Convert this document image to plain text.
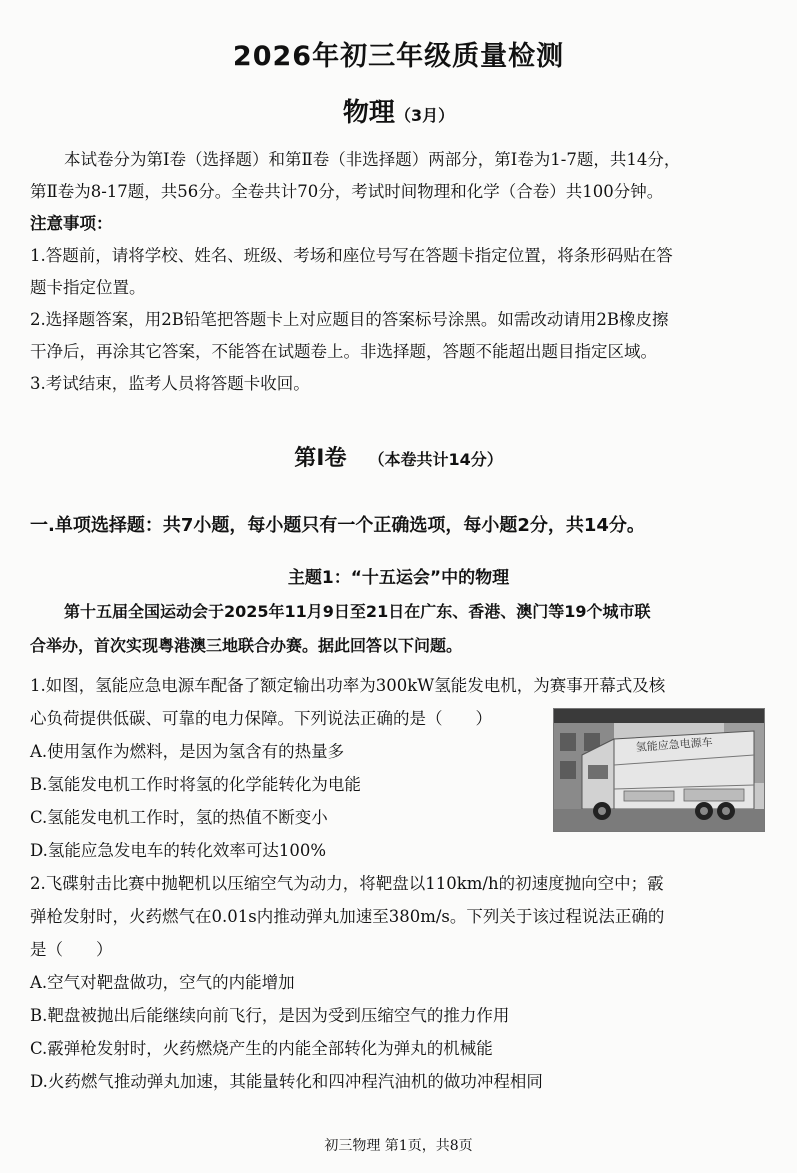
2026年初三年级质量检测
物理（3月）
本试卷分为第Ⅰ卷（选择题）和第Ⅱ卷（非选择题）两部分，第Ⅰ卷为1-7题，共14分，
第Ⅱ卷为8-17题，共56分。全卷共计70分，考试时间物理和化学（合卷）共100分钟。
注意事项：
1.答题前，请将学校、姓名、班级、考场和座位号写在答题卡指定位置，将条形码贴在答
题卡指定位置。
2.选择题答案，用2B铅笔把答题卡上对应题目的答案标号涂黑。如需改动请用2B橡皮擦
干净后，再涂其它答案，不能答在试题卷上。非选择题，答题不能超出题目指定区域。
3.考试结束，监考人员将答题卡收回。
第Ⅰ卷 （本卷共计14分）
一.单项选择题：共7小题，每小题只有一个正确选项，每小题2分，共14分。
主题1：“十五运会”中的物理
第十五届全国运动会于2025年11月9日至21日在广东、香港、澳门等19个城市联
合举办，首次实现粤港澳三地联合办赛。据此回答以下问题。
1.如图，氢能应急电源车配备了额定输出功率为300kW氢能发电机，为赛事开幕式及核
心负荷提供低碳、可靠的电力保障。下列说法正确的是（　　）
A.使用氢作为燃料，是因为氢含有的热量多
B.氢能发电机工作时将氢的化学能转化为电能
C.氢能发电机工作时，氢的热值不断变小
D.氢能应急发电车的转化效率可达100%
氢能应急电源车
2.飞碟射击比赛中抛靶机以压缩空气为动力，将靶盘以110km/h的初速度抛向空中；霰
弹枪发射时，火药燃气在0.01s内推动弹丸加速至380m/s。下列关于该过程说法正确的
是（　　）
A.空气对靶盘做功，空气的内能增加
B.靶盘被抛出后能继续向前飞行，是因为受到压缩空气的推力作用
C.霰弹枪发射时，火药燃烧产生的内能全部转化为弹丸的机械能
D.火药燃气推动弹丸加速，其能量转化和四冲程汽油机的做功冲程相同
初三物理 第1页，共8页
